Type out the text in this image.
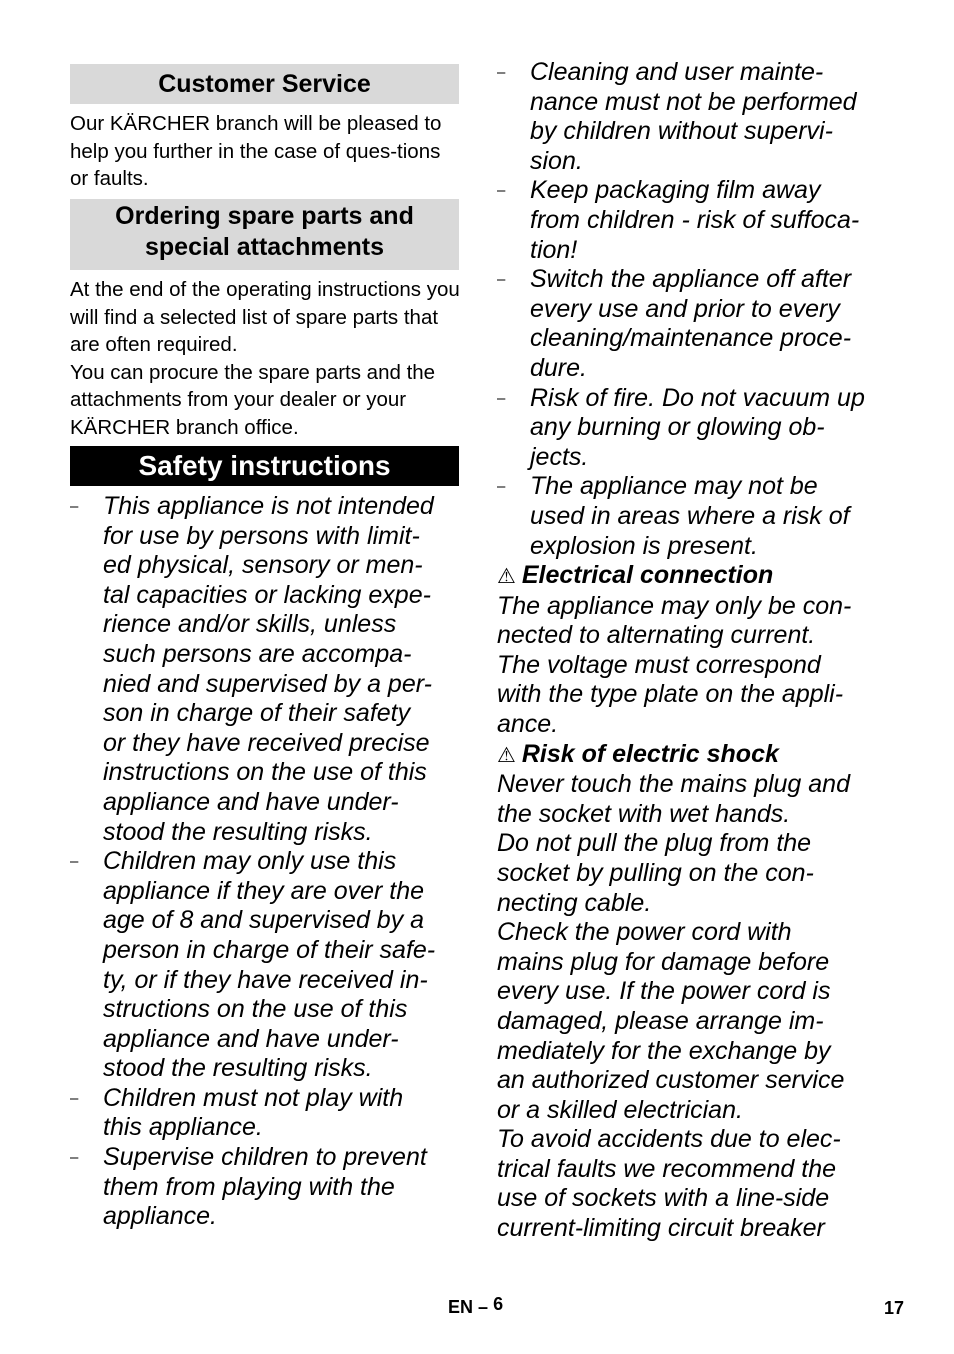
Customer Service

Our KÄRCHER branch will be pleased to help you further in the case of ques-tions or faults.

Ordering spare parts and
special attachments

At the end of the operating instructions you will find a selected list of spare parts that are often required.

You can procure the spare parts and the attachments from your dealer or your KÄRCHER branch office.

Safety instructions
– This appliance is not intended
for use by persons with limit-
ed physical, sensory or men-
tal capacities or lacking expe-
rience and/or skills, unless
such persons are accompa-
nied and supervised by a per-
son in charge of their safety
or they have received precise
instructions on the use of this
appliance and have under-
stood the resulting risks.
– Children may only use this
appliance if they are over the
age of 8 and supervised by a
person in charge of their safe-
ty, or if they have received in-
structions on the use of this
appliance and have under-
stood the resulting risks.
– Children must not play with
this appliance.
– Supervise children to prevent
them from playing with the
appliance.
– Cleaning and user mainte-
nance must not be performed
by children without supervi-
sion.
– Keep packaging film away
from children - risk of suffoca-
tion!
– Switch the appliance off after
every use and prior to every
cleaning/maintenance proce-
dure.
– Risk of fire. Do not vacuum up
any burning or glowing ob-
jects.
– The appliance may not be
used in areas where a risk of
explosion is present.
⚠ Electrical connection
The appliance may only be con-
nected to alternating current.
The voltage must correspond
with the type plate on the appli-
ance.
⚠ Risk of electric shock
Never touch the mains plug and
the socket with wet hands.
Do not pull the plug from the
socket by pulling on the con-
necting cable.
Check the power cord with
mains plug for damage before
every use. If the power cord is
damaged, please arrange im-
mediately for the exchange by
an authorized customer service
or a skilled electrician.
To avoid accidents due to elec-
trical faults we recommend the
use of sockets with a line-side
current-limiting circuit breaker
EN – 6	17
